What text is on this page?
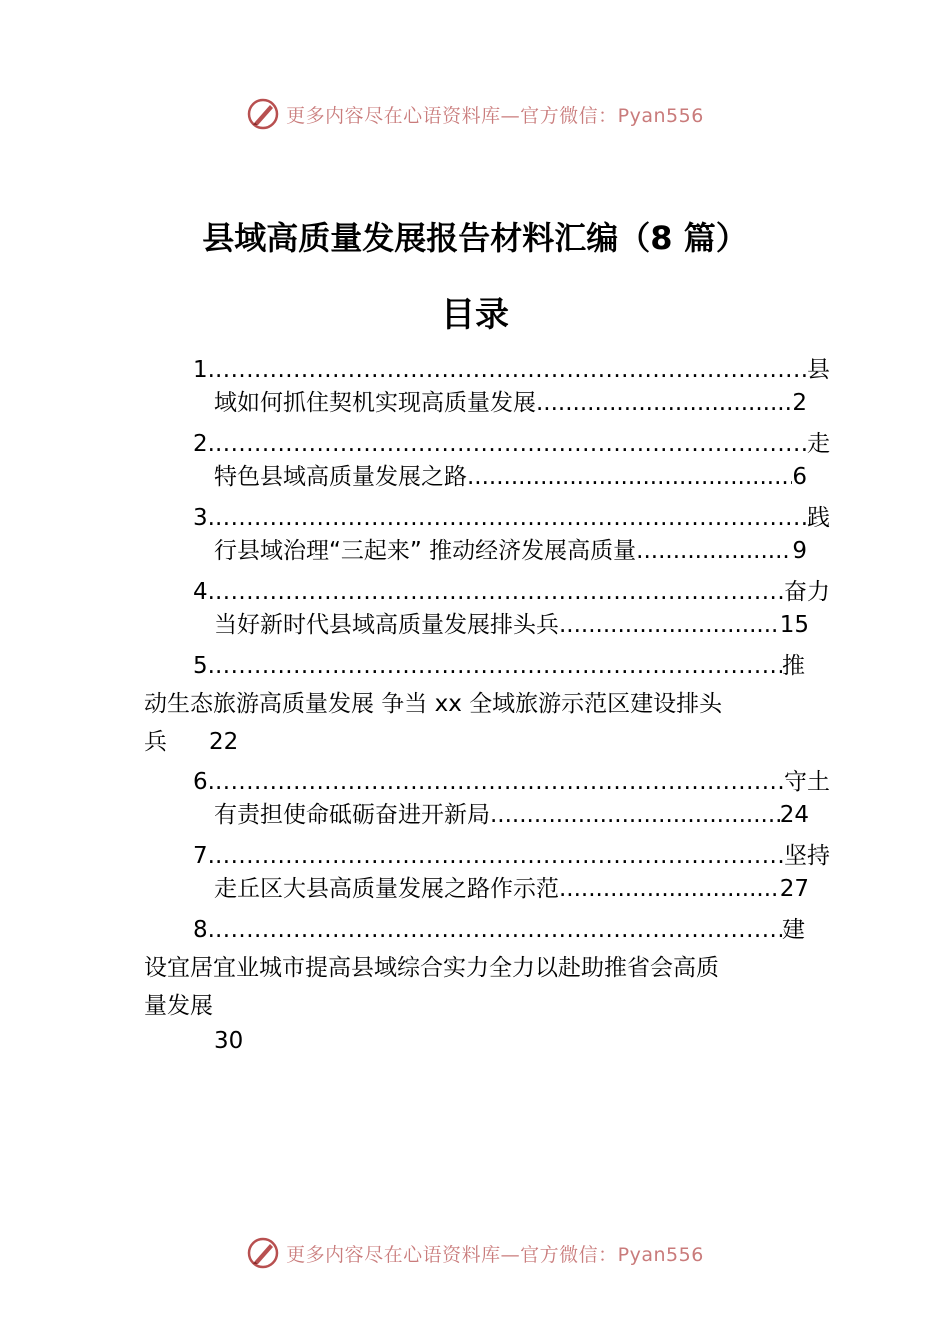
更多内容尽在心语资料库—官方微信：Pyan556
县域高质量发展报告材料汇编（8 篇）
目录
1. .....	县
域如何抓住契机实现高质量发展 .....	2
2. .....	走
特色县域高质量发展之路 .....	6
3. .....	践
行县域治理“三起来” 推动经济发展高质量 .....	9
4. .....	奋力
当好新时代县域高质量发展排头兵 .....	15
5. .....	推
动生态旅游高质量发展 争当 xx 全域旅游示范区建设排头
兵 22
6. .....	守土
有责担使命砥砺奋进开新局 .....	24
7. .....	坚持
走丘区大县高质量发展之路作示范 .....	27
8. .....	建
设宜居宜业城市提高县域综合实力全力以赴助推省会高质
量发展
30
更多内容尽在心语资料库—官方微信：Pyan556
